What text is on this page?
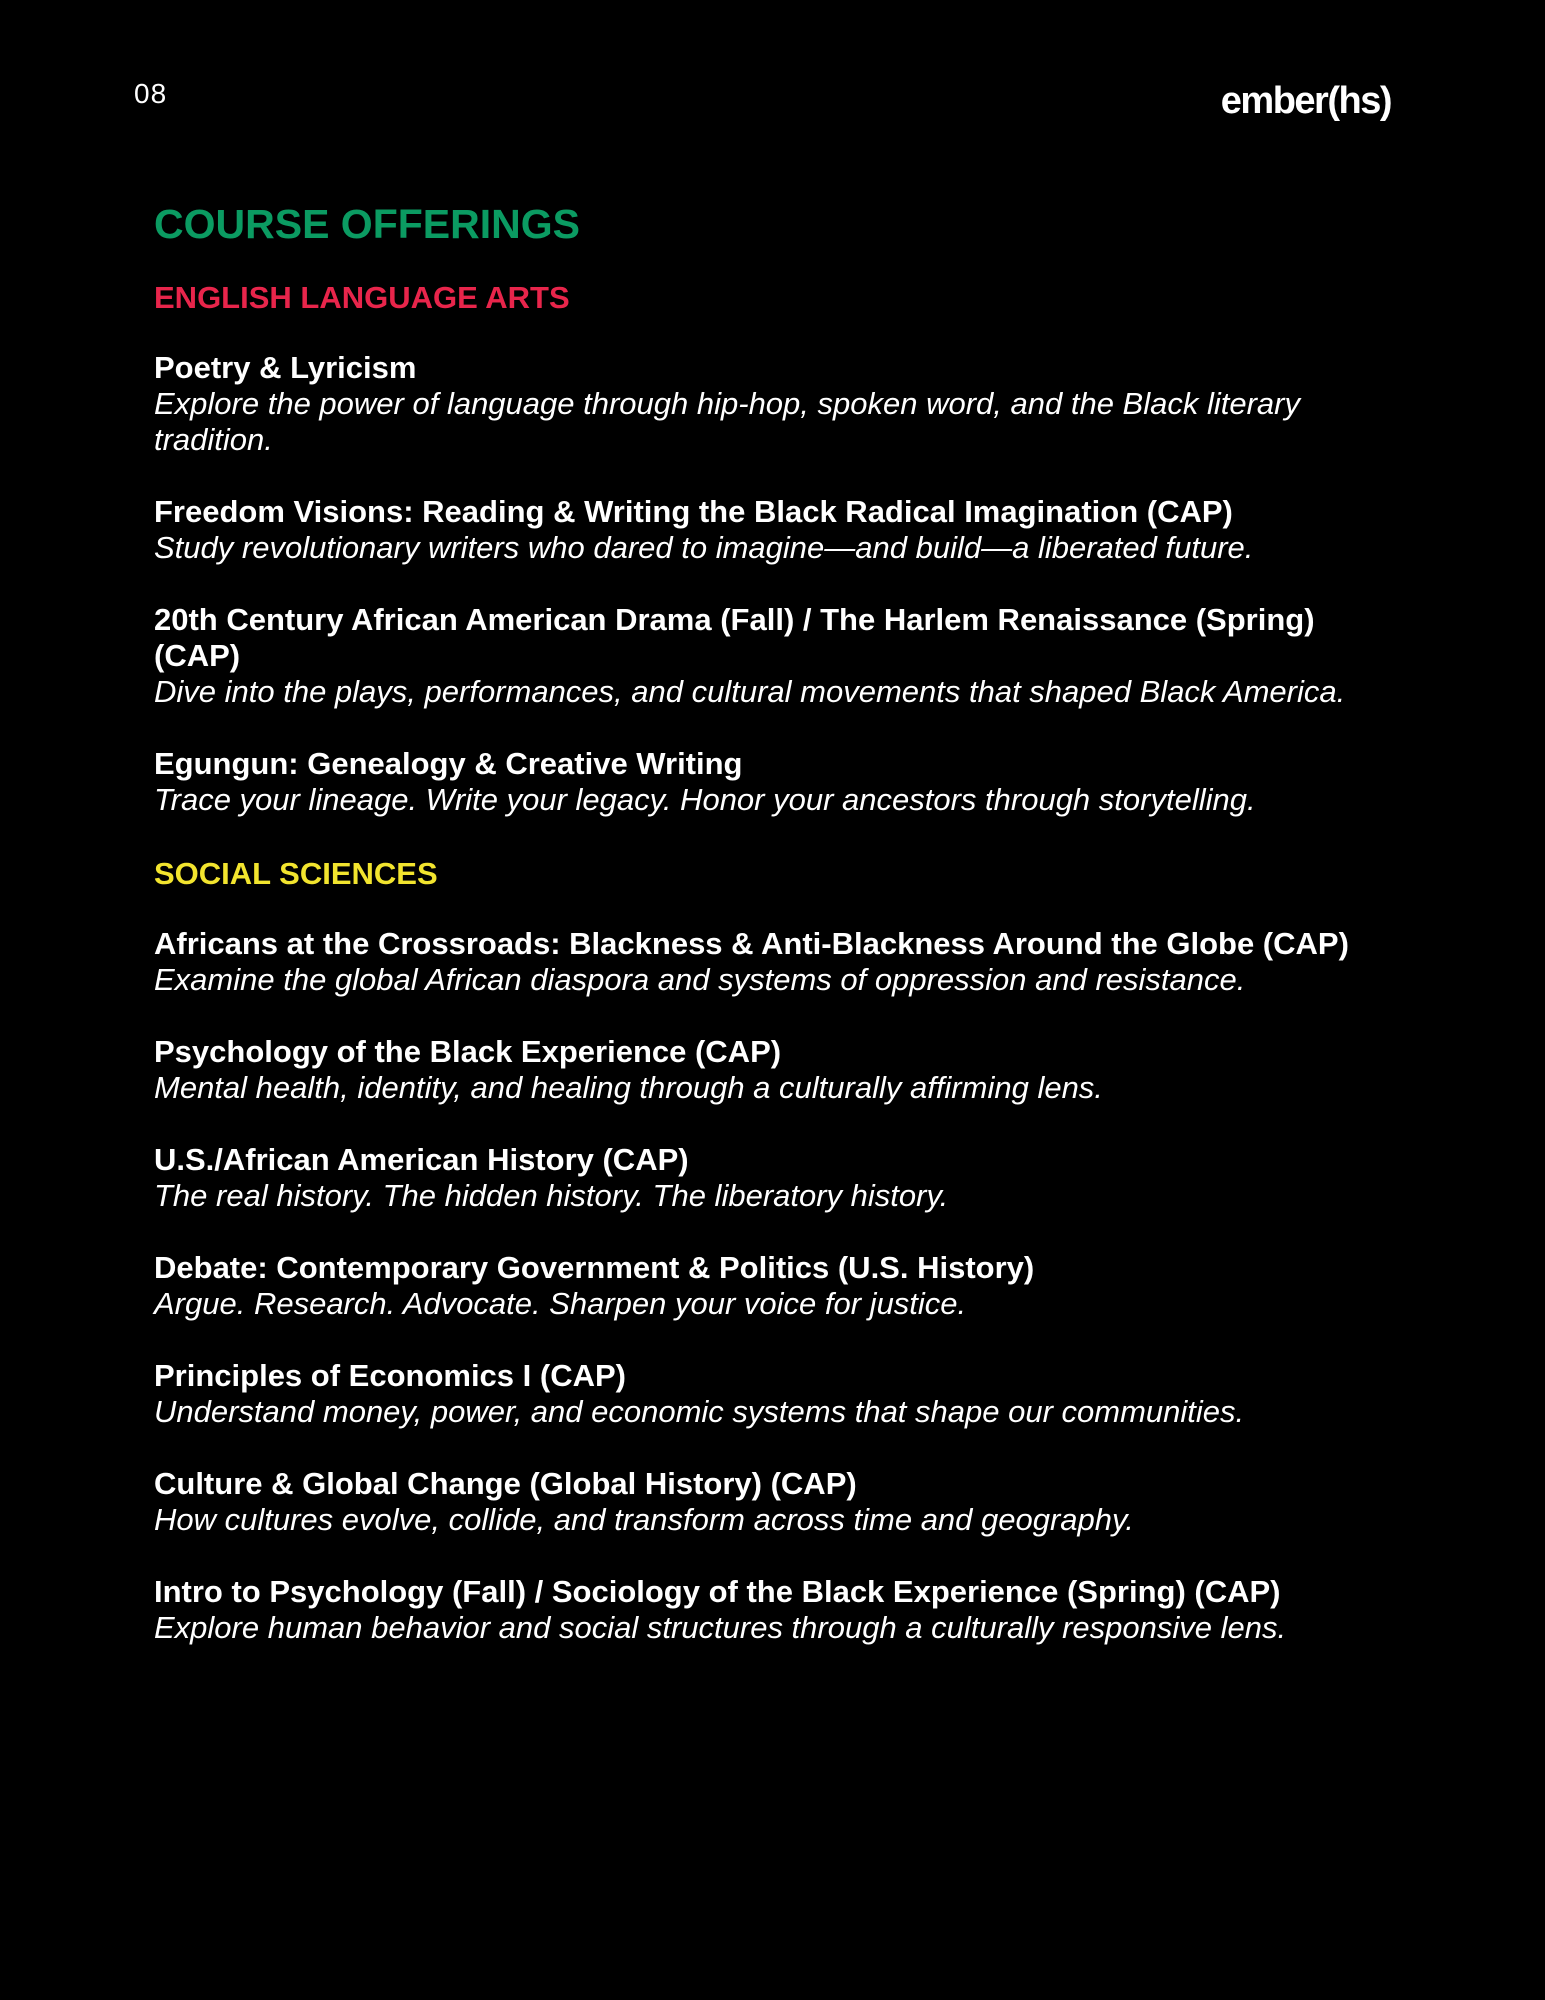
08	ember(hs)
COURSE OFFERINGS
ENGLISH LANGUAGE ARTS

Poetry & Lyricism

Explore the power of language through hip-hop, spoken word, and the Black literary tradition.

Freedom Visions: Reading & Writing the Black Radical Imagination (CAP)

Study revolutionary writers who dared to imagine—and build—a liberated future.

20th Century African American Drama (Fall) / The Harlem Renaissance (Spring) (CAP)

Dive into the plays, performances, and cultural movements that shaped Black America.

Egungun: Genealogy & Creative Writing

Trace your lineage. Write your legacy. Honor your ancestors through storytelling.

SOCIAL SCIENCES

Africans at the Crossroads: Blackness & Anti-Blackness Around the Globe (CAP)

Examine the global African diaspora and systems of oppression and resistance.

Psychology of the Black Experience (CAP)

Mental health, identity, and healing through a culturally affirming lens.

U.S./African American History (CAP)

The real history. The hidden history. The liberatory history.

Debate: Contemporary Government & Politics (U.S. History)

Argue. Research. Advocate. Sharpen your voice for justice.

Principles of Economics I (CAP)

Understand money, power, and economic systems that shape our communities.

Culture & Global Change (Global History) (CAP)

How cultures evolve, collide, and transform across time and geography.

Intro to Psychology (Fall) / Sociology of the Black Experience (Spring) (CAP)

Explore human behavior and social structures through a culturally responsive lens.
